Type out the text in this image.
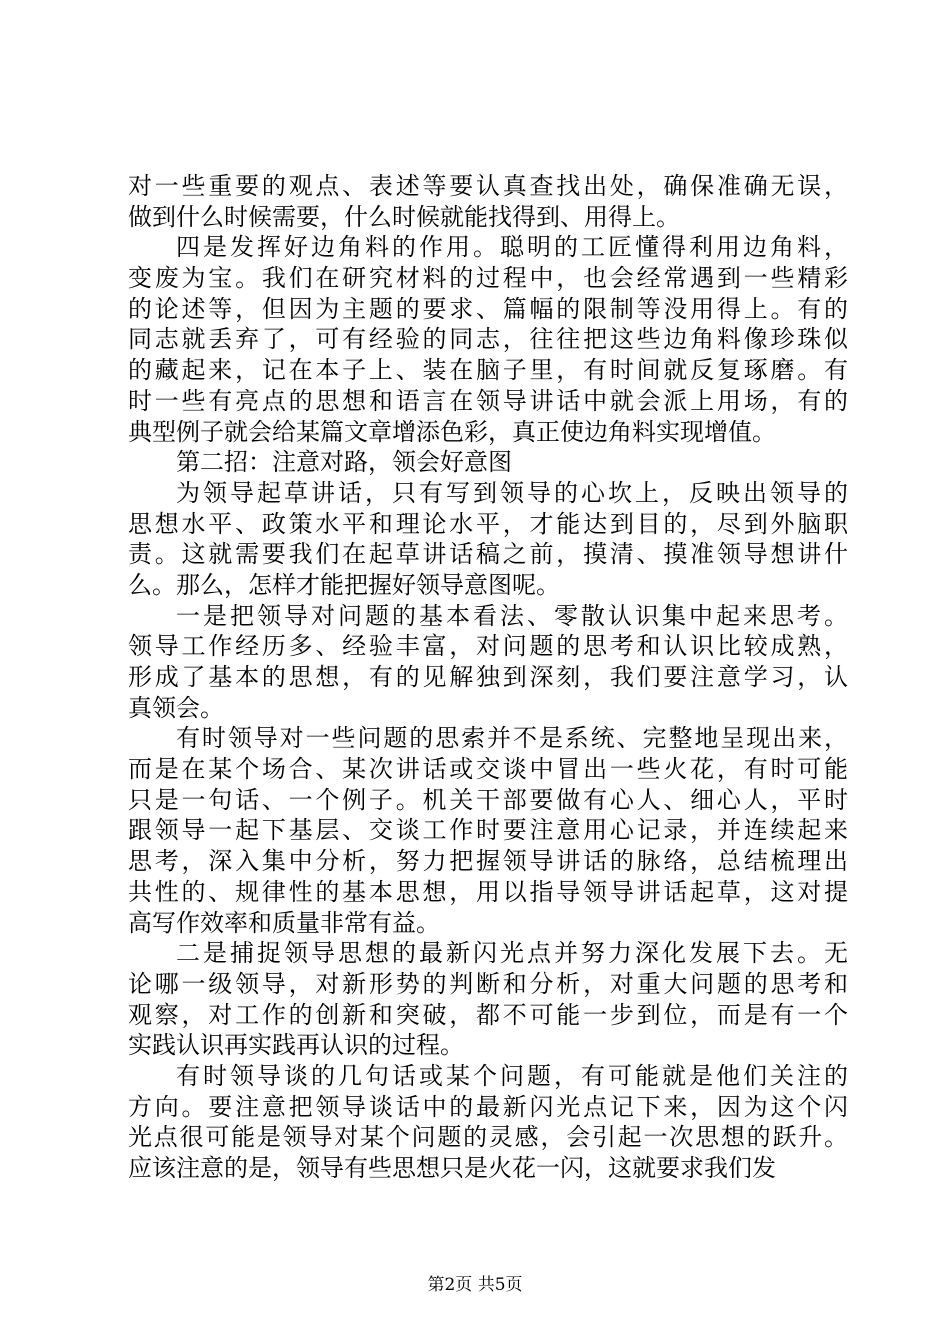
对一些重要的观点、表述等要认真查找出处，确保准确无误，
做到什么时候需要，什么时候就能找得到、用得上。
四是发挥好边角料的作用。聪明的工匠懂得利用边角料，
变废为宝。我们在研究材料的过程中，也会经常遇到一些精彩
的论述等，但因为主题的要求、篇幅的限制等没用得上。有的
同志就丢弃了，可有经验的同志，往往把这些边角料像珍珠似
的藏起来，记在本子上、装在脑子里，有时间就反复琢磨。有
时一些有亮点的思想和语言在领导讲话中就会派上用场，有的
典型例子就会给某篇文章增添色彩，真正使边角料实现增值。
第二招：注意对路，领会好意图
为领导起草讲话，只有写到领导的心坎上，反映出领导的
思想水平、政策水平和理论水平，才能达到目的，尽到外脑职
责。这就需要我们在起草讲话稿之前，摸清、摸准领导想讲什
么。那么，怎样才能把握好领导意图呢。
一是把领导对问题的基本看法、零散认识集中起来思考。
领导工作经历多、经验丰富，对问题的思考和认识比较成熟，
形成了基本的思想，有的见解独到深刻，我们要注意学习，认
真领会。
有时领导对一些问题的思索并不是系统、完整地呈现出来，
而是在某个场合、某次讲话或交谈中冒出一些火花，有时可能
只是一句话、一个例子。机关干部要做有心人、细心人，平时
跟领导一起下基层、交谈工作时要注意用心记录，并连续起来
思考，深入集中分析，努力把握领导讲话的脉络，总结梳理出
共性的、规律性的基本思想，用以指导领导讲话起草，这对提
高写作效率和质量非常有益。
二是捕捉领导思想的最新闪光点并努力深化发展下去。无
论哪一级领导，对新形势的判断和分析，对重大问题的思考和
观察，对工作的创新和突破，都不可能一步到位，而是有一个
实践认识再实践再认识的过程。
有时领导谈的几句话或某个问题，有可能就是他们关注的
方向。要注意把领导谈话中的最新闪光点记下来，因为这个闪
光点很可能是领导对某个问题的灵感，会引起一次思想的跃升。
应该注意的是，领导有些思想只是火花一闪，这就要求我们发
第2页 共5页
